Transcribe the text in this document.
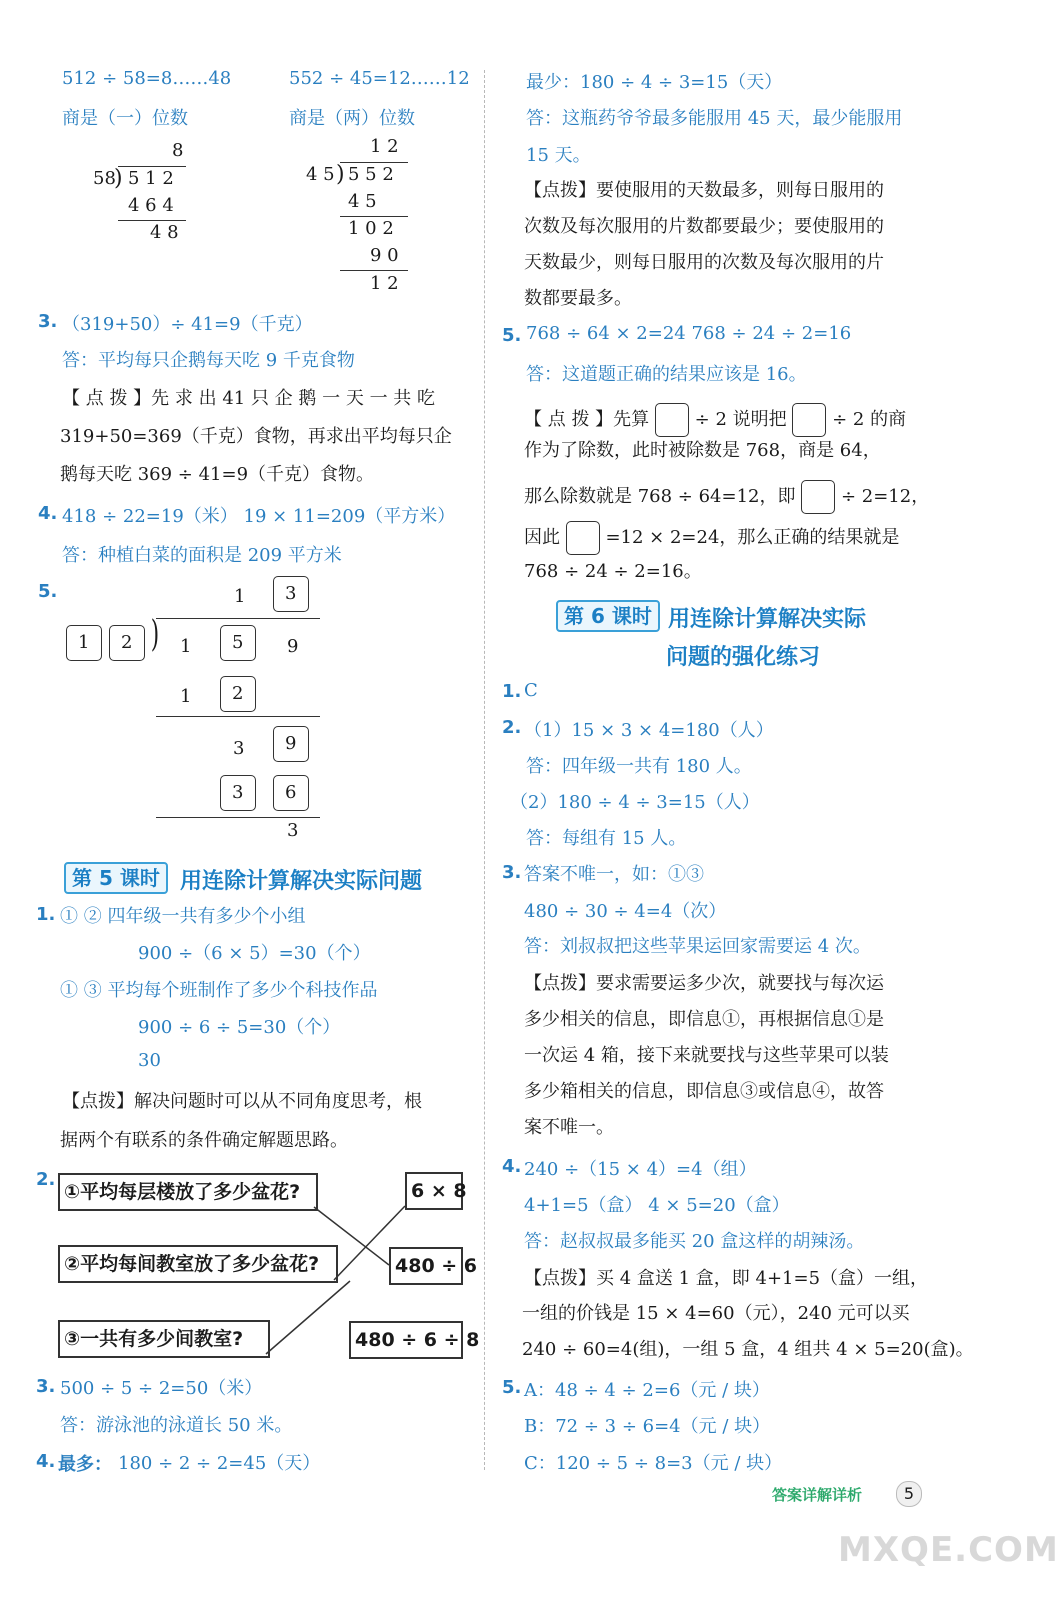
512 ÷ 58=8……48
商是（一）位数
8
58
) 5 1 2
4 6 4
4 8
552 ÷ 45=12……12
商是（两）位数
1 2
4 5 ) 5 5 2
4 5
1 0 2
9 0
1 2
3. （319+50）÷ 41=9（千克）
答：平均每只企鹅每天吃 9 千克食物
【 点 拨 】先 求 出 41 只 企 鹅 一 天 一 共 吃
319+50=369（千克）食物，再求出平均每只企
鹅每天吃 369 ÷ 41=9（千克）食物。
4. 418 ÷ 22=19（米） 19 × 11=209（平方米）
答：种植白菜的面积是 209 平方米
5.	1 3
1 2 ) 1 5 9
1 2
3 9
3 6
3
第 5 课时 用连除计算解决实际问题
1. ① ② 四年级一共有多少个小组
900 ÷（6 × 5）=30（个）
① ③ 平均每个班制作了多少个科技作品
900 ÷ 6 ÷ 5=30（个）
30
【点拨】解决问题时可以从不同角度思考，根
据两个有联系的条件确定解题思路。
2.
①平均每层楼放了多少盆花?
②平均每间教室放了多少盆花?
③一共有多少间教室?
6 × 8
480 ÷ 6
480 ÷ 6 ÷ 8
3. 500 ÷ 5 ÷ 2=50（米）
答：游泳池的泳道长 50 米。
4. 最多： 180 ÷ 2 ÷ 2=45（天）
最少：180 ÷ 4 ÷ 3=15（天）
答：这瓶药爷爷最多能服用 45 天，最少能服用
15 天。
【点拨】要使服用的天数最多，则每日服用的
次数及每次服用的片数都要最少；要使服用的
天数最少，则每日服用的次数及每次服用的片
数都要最多。
5. 768 ÷ 64 × 2=24 768 ÷ 24 ÷ 2=16
答：这道题正确的结果应该是 16。
【 点 拨 】先算	÷ 2 说明把	÷ 2 的商
作为了除数，此时被除数是 768，商是 64，
那么除数就是 768 ÷ 64=12，即	÷ 2=12，
因此	=12 × 2=24，那么正确的结果就是
768 ÷ 24 ÷ 2=16。
第 6 课时 用连除计算解决实际
问题的强化练习
1. C
2. （1）15 × 3 × 4=180（人）
答：四年级一共有 180 人。
（2）180 ÷ 4 ÷ 3=15（人）
答：每组有 15 人。
3. 答案不唯一，如：①③
480 ÷ 30 ÷ 4=4（次）
答：刘叔叔把这些苹果运回家需要运 4 次。
【点拨】要求需要运多少次，就要找与每次运
多少相关的信息，即信息①，再根据信息①是
一次运 4 箱，接下来就要找与这些苹果可以装
多少箱相关的信息，即信息③或信息④，故答
案不唯一。
4. 240 ÷（15 × 4）=4（组）
4+1=5（盒） 4 × 5=20（盒）
答：赵叔叔最多能买 20 盒这样的胡辣汤。
【点拨】买 4 盒送 1 盒，即 4+1=5（盒）一组，
一组的价钱是 15 × 4=60（元），240 元可以买
240 ÷ 60=4(组)，一组 5 盒，4 组共 4 × 5=20(盒)。
5. A：48 ÷ 4 ÷ 2=6（元 / 块）
B：72 ÷ 3 ÷ 6=4（元 / 块）
C：120 ÷ 5 ÷ 8=3（元 / 块）
答案详解详析	5
MXQE.COM
